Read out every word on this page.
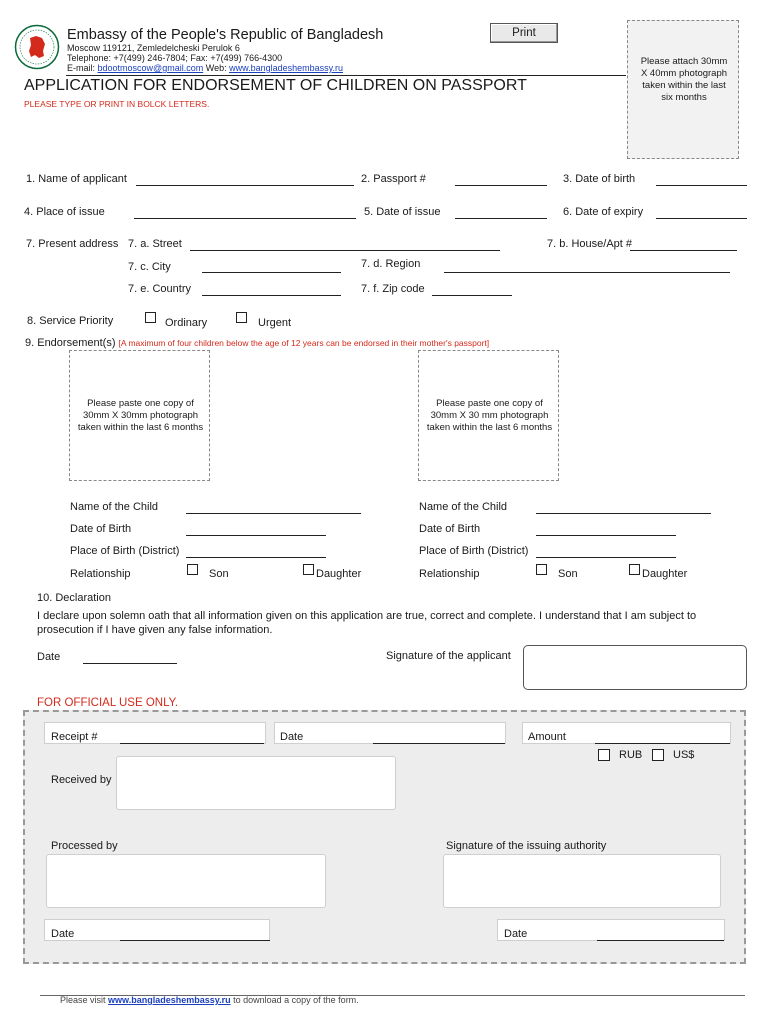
Embassy of the People's Republic of Bangladesh
Moscow 119121, Zemledelcheski Perulok 6
Telephone: +7(499) 246-7804; Fax: +7(499) 766-4300
E-mail: bdootmoscow@gmail.com Web: www.bangladeshembassy.ru
Print
Please attach 30mm X 40mm photograph taken within the last six months
APPLICATION FOR ENDORSEMENT OF CHILDREN ON PASSPORT
PLEASE TYPE OR PRINT IN BOLCK LETTERS.
1. Name of applicant	2. Passport #	3. Date of birth
4. Place of issue	5. Date of issue	6. Date of expiry
7. Present address 7. a. Street	7. b. House/Apt #
7. c. City	7. d. Region
7. e. Country	7. f. Zip code
8. Service Priority	Ordinary	Urgent
9. Endorsement(s) [A maximum of four children below the age of 12 years can be endorsed in their mother's passport]
Please paste one copy of 30mm X 30mm photograph taken within the last 6 months
Please paste one copy of 30mm X 30 mm photograph taken within the last 6 months
Name of the Child
Date of Birth
Place of Birth (District)
Relationship	Son	Daughter
Name of the Child
Date of Birth
Place of Birth (District)
Relationship	Son	Daughter
10. Declaration
I declare upon solemn oath that all information given on this application are true, correct and complete. I understand that I am subject to prosecution if I have given any false information.
Date	Signature of the applicant
FOR OFFICIAL USE ONLY.
Receipt #	Date	Amount
RUB	US$
Received by
Processed by	Signature of the issuing authority
Date	Date
Please visit www.bangladeshembassy.ru to download a copy of the form.
